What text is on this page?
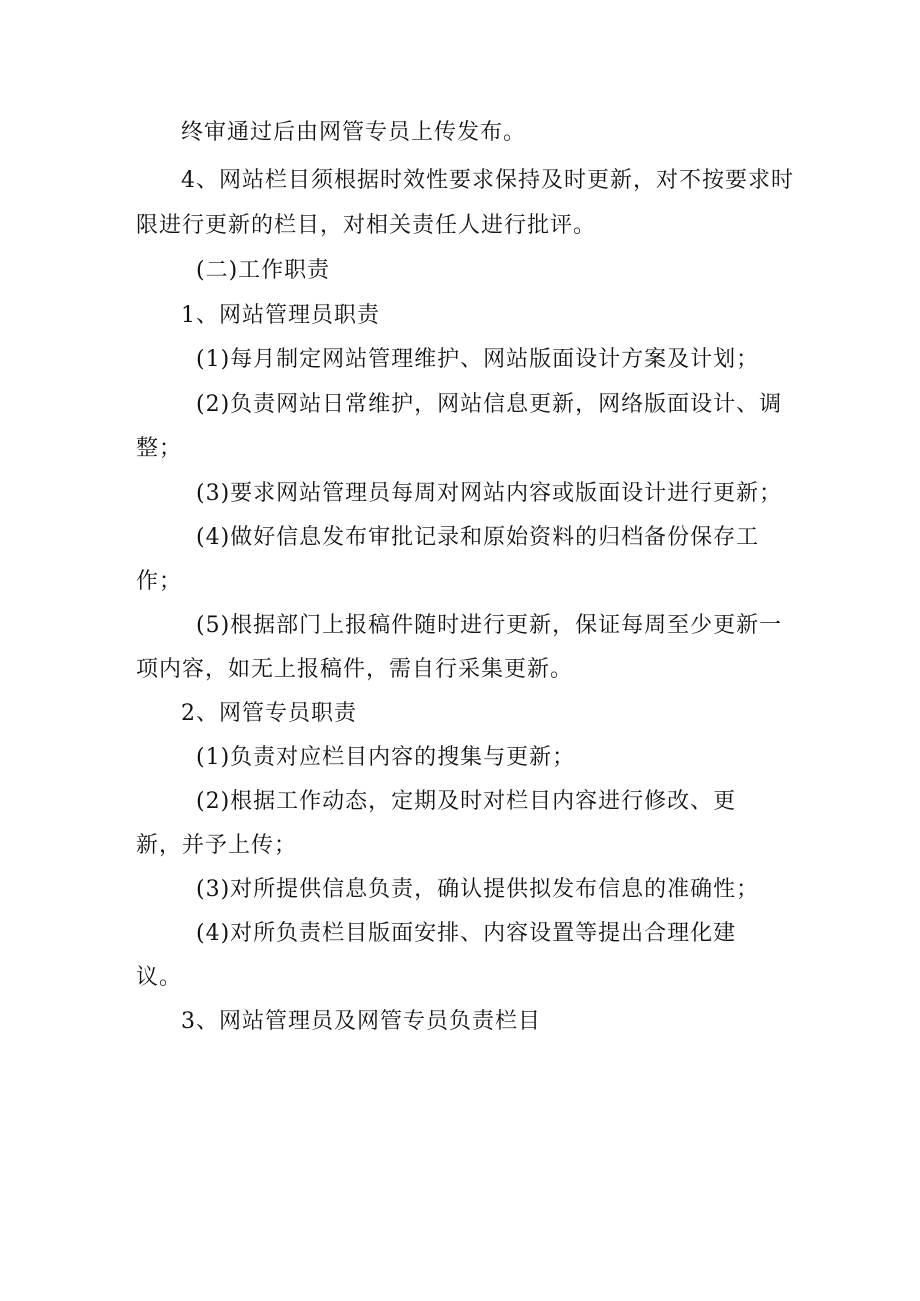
终审通过后由网管专员上传发布。
4、网站栏目须根据时效性要求保持及时更新，对不按要求时
限进行更新的栏目，对相关责任人进行批评。
(二)工作职责
1、网站管理员职责
(1)每月制定网站管理维护、网站版面设计方案及计划；
(2)负责网站日常维护，网站信息更新，网络版面设计、调
整；
(3)要求网站管理员每周对网站内容或版面设计进行更新；
(4)做好信息发布审批记录和原始资料的归档备份保存工
作；
(5)根据部门上报稿件随时进行更新，保证每周至少更新一
项内容，如无上报稿件，需自行采集更新。
2、网管专员职责
(1)负责对应栏目内容的搜集与更新；
(2)根据工作动态，定期及时对栏目内容进行修改、更
新，并予上传；
(3)对所提供信息负责，确认提供拟发布信息的准确性；
(4)对所负责栏目版面安排、内容设置等提出合理化建
议。
3、网站管理员及网管专员负责栏目
